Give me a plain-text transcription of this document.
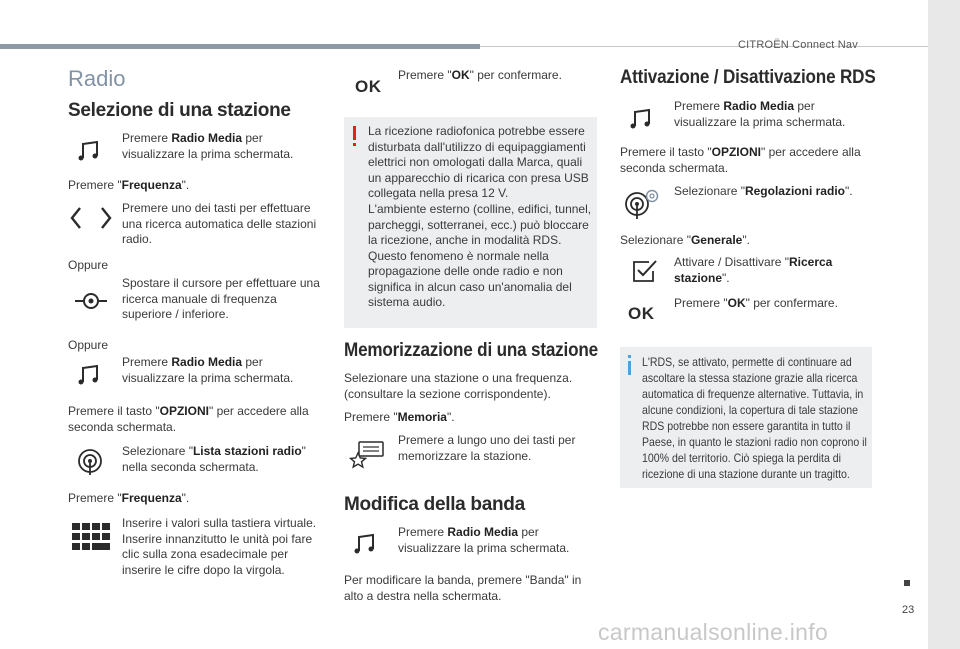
CITROËN Connect Nav
23
carmanualsonline.info
Radio
Selezione di una stazione
Premere Radio Media per visualizzare la prima schermata.
Premere "Frequenza".
Premere uno dei tasti per effettuare una ricerca automatica delle stazioni radio.
Oppure
Spostare il cursore per effettuare una ricerca manuale di frequenza superiore / inferiore.
Oppure
Premere Radio Media per visualizzare la prima schermata.
Premere il tasto "OPZIONI" per accedere alla seconda schermata.
Selezionare "Lista stazioni radio" nella seconda schermata.
Premere "Frequenza".
Inserire i valori sulla tastiera virtuale. Inserire innanzitutto le unità poi fare clic sulla zona esadecimale per inserire le cifre dopo la virgola.
OK
Premere "OK" per confermare.
La ricezione radiofonica potrebbe essere disturbata dall'utilizzo di equipaggiamenti elettrici non omologati dalla Marca, quali un apparecchio di ricarica con presa USB collegata nella presa 12 V.
L'ambiente esterno (colline, edifici, tunnel, parcheggi, sotterranei, ecc.) può bloccare la ricezione, anche in modalità RDS. Questo fenomeno è normale nella propagazione delle onde radio e non significa in alcun caso un'anomalia del sistema audio.
Memorizzazione di una stazione
Selezionare una stazione o una frequenza. (consultare la sezione corrispondente).
Premere "Memoria".
Premere a lungo uno dei tasti per memorizzare la stazione.
Modifica della banda
Premere Radio Media per visualizzare la prima schermata.
Per modificare la banda, premere "Banda" in alto a destra nella schermata.
Attivazione / Disattivazione RDS
Premere Radio Media per visualizzare la prima schermata.
Premere il tasto "OPZIONI" per accedere alla seconda schermata.
Selezionare "Regolazioni radio".
Selezionare "Generale".
Attivare / Disattivare "Ricerca stazione".
OK
Premere "OK" per confermare.
L'RDS, se attivato, permette di continuare ad ascoltare la stessa stazione grazie alla ricerca automatica di frequenze alternative. Tuttavia, in alcune condizioni, la copertura di tale stazione RDS potrebbe non essere garantita in tutto il Paese, in quanto le stazioni radio non coprono il 100% del territorio. Ciò spiega la perdita di ricezione di una stazione durante un tragitto.
